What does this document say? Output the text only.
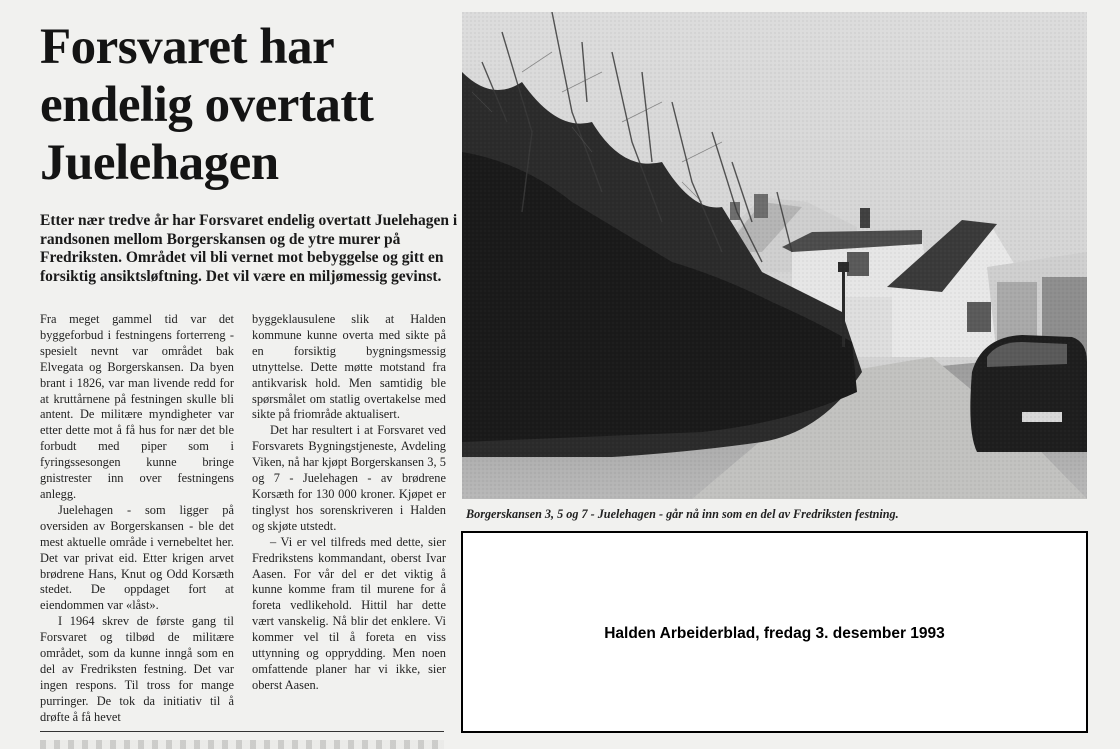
Forsvaret har
endelig overtatt
Juelehagen

Etter nær tredve år har Forsvaret endelig overtatt Juelehagen i randsonen mellom Borgerskansen og de ytre murer på Fredriksten. Området vil bli vernet mot bebyggelse og gitt en forsiktig ansiktsløftning. Det vil være en miljømessig gevinst.

Fra meget gammel tid var det byggeforbud i festningens forterreng - spesielt nevnt var området bak Elvegata og Borgerskansen. Da byen brant i 1826, var man livende redd for at kruttårnene på festningen skulle bli antent. De militære myndigheter var etter dette mot å få hus for nær det ble forbudt med piper som i fyringssesongen kunne bringe gnistrester inn over festningens anlegg.

Juelehagen - som ligger på oversiden av Borgerskansen - ble det mest aktuelle område i vernebeltet her. Det var privat eid. Etter krigen arvet brødrene Hans, Knut og Odd Korsæth stedet. De oppdaget fort at eiendommen var «låst».

I 1964 skrev de første gang til Forsvaret og tilbød de militære området, som da kunne inngå som en del av Fredriksten festning. Det var ingen respons. Til tross for mange purringer. De tok da initiativ til å drøfte å få hevet

byggeklausulene slik at Halden kommune kunne overta med sikte på en forsiktig bygningsmessig utnyttelse. Dette møtte motstand fra antikvarisk hold. Men samtidig ble spørsmålet om statlig overtakelse med sikte på friområde aktualisert.

Det har resultert i at Forsvaret ved Forsvarets Bygningstjeneste, Avdeling Viken, nå har kjøpt Borgerskansen 3, 5 og 7 - Juelehagen - av brødrene Korsæth for 130 000 kroner. Kjøpet er tinglyst hos sorenskriveren i Halden og skjøte utstedt.

– Vi er vel tilfreds med dette, sier Fredrikstens kommandant, oberst Ivar Aasen. For vår del er det viktig å kunne komme fram til murene for å foreta vedlikehold. Hittil har dette vært vanskelig. Nå blir det enklere. Vi kommer vel til å foreta en viss uttynning og opprydding. Men noen omfattende planer har vi ikke, sier oberst Aasen.

Borgerskansen 3, 5 og 7 - Juelehagen - går nå inn som en del av Fredriksten festning.
Halden Arbeiderblad, fredag 3. desember 1993
